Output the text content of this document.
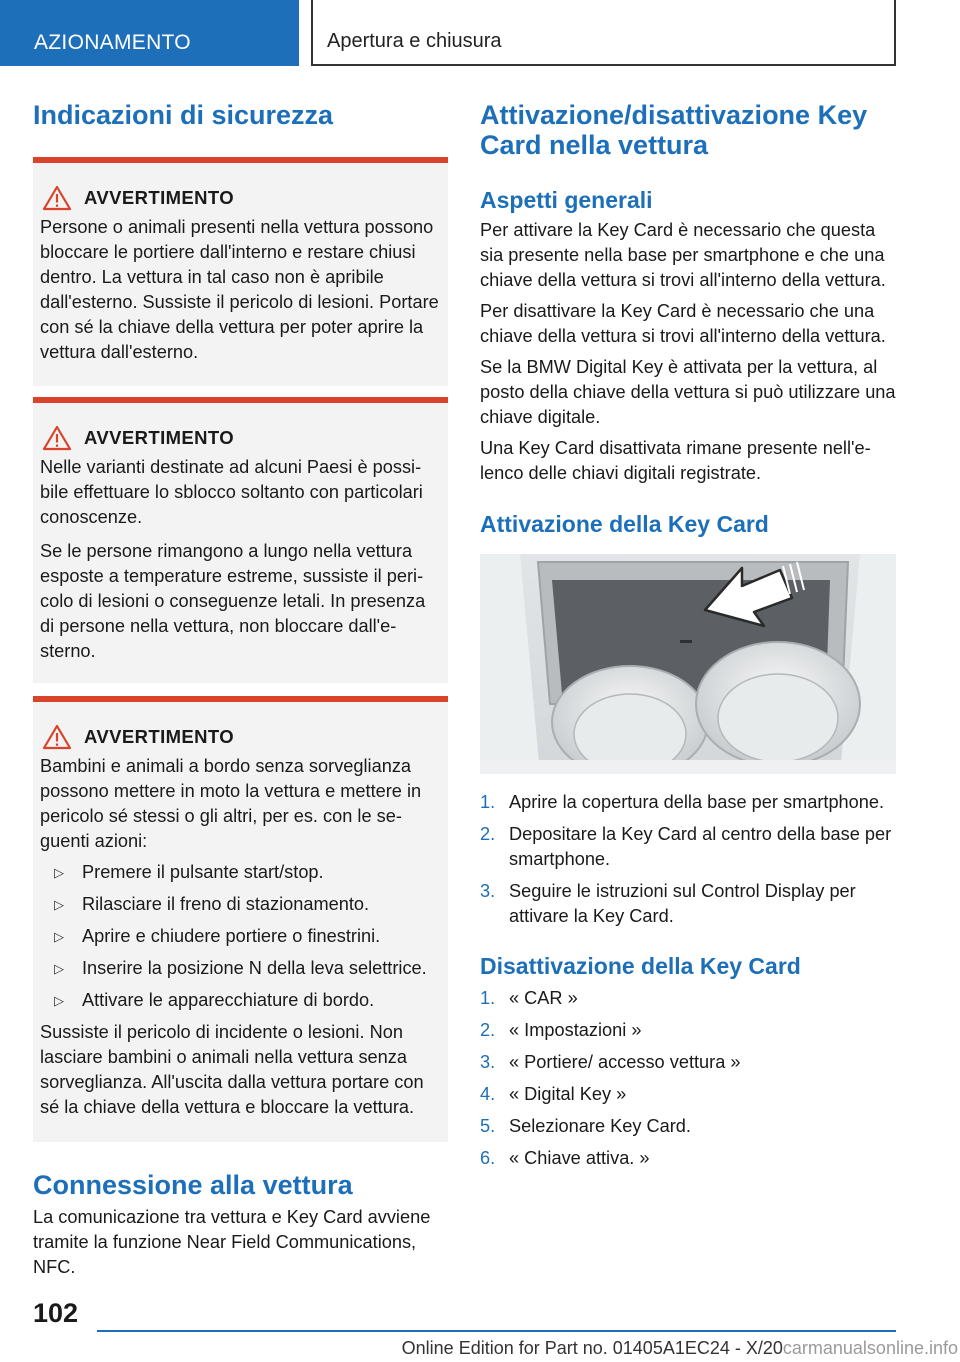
AZIONAMENTO	Apertura e chiusura
Indicazioni di sicurezza
AVVERTIMENTO

Persone o animali presenti nella vettura possono bloccare le portiere dall'interno e restare chiusi dentro. La vettura in tal caso non è apribile dall'esterno. Sussiste il pericolo di lesioni. Portare con sé la chiave della vettura per poter aprire la vettura dall'esterno.

AVVERTIMENTO

Nelle varianti destinate ad alcuni Paesi è possibile effettuare lo sblocco soltanto con particolari conoscenze.

Se le persone rimangono a lungo nella vettura esposte a temperature estreme, sussiste il pericolo di lesioni o conseguenze letali. In presenza di persone nella vettura, non bloccare dall'esterno.

AVVERTIMENTO

Bambini e animali a bordo senza sorveglianza possono mettere in moto la vettura e mettere in pericolo sé stessi o gli altri, per es. con le seguenti azioni:

▷ Premere il pulsante start/stop.
▷ Rilasciare il freno di stazionamento.
▷ Aprire e chiudere portiere o finestrini.
▷ Inserire la posizione N della leva selettrice.
▷ Attivare le apparecchiature di bordo.

Sussiste il pericolo di incidente o lesioni. Non lasciare bambini o animali nella vettura senza sorveglianza. All'uscita dalla vettura portare con sé la chiave della vettura e bloccare la vettura.

Connessione alla vettura

La comunicazione tra vettura e Key Card avviene tramite la funzione Near Field Communications, NFC.

Attivazione/disattivazione Key Card nella vettura
Aspetti generali

Per attivare la Key Card è necessario che questa sia presente nella base per smartphone e che una chiave della vettura si trovi all'interno della vettura.

Per disattivare la Key Card è necessario che una chiave della vettura si trovi all'interno della vettura.

Se la BMW Digital Key è attivata per la vettura, al posto della chiave della vettura si può utilizzare una chiave digitale.

Una Key Card disattivata rimane presente nell'elenco delle chiavi digitali registrate.

Attivazione della Key Card
1. Aprire la copertura della base per smartphone.
2. Depositare la Key Card al centro della base per smartphone.
3. Seguire le istruzioni sul Control Display per attivare la Key Card.
Disattivazione della Key Card
1. « CAR »
2. « Impostazioni »
3. « Portiere/ accesso vettura »
4. « Digital Key »
5. Selezionare Key Card.
6. « Chiave attiva. »
102
Online Edition for Part no. 01405A1EC24 - X/20carmanualsonline.info
